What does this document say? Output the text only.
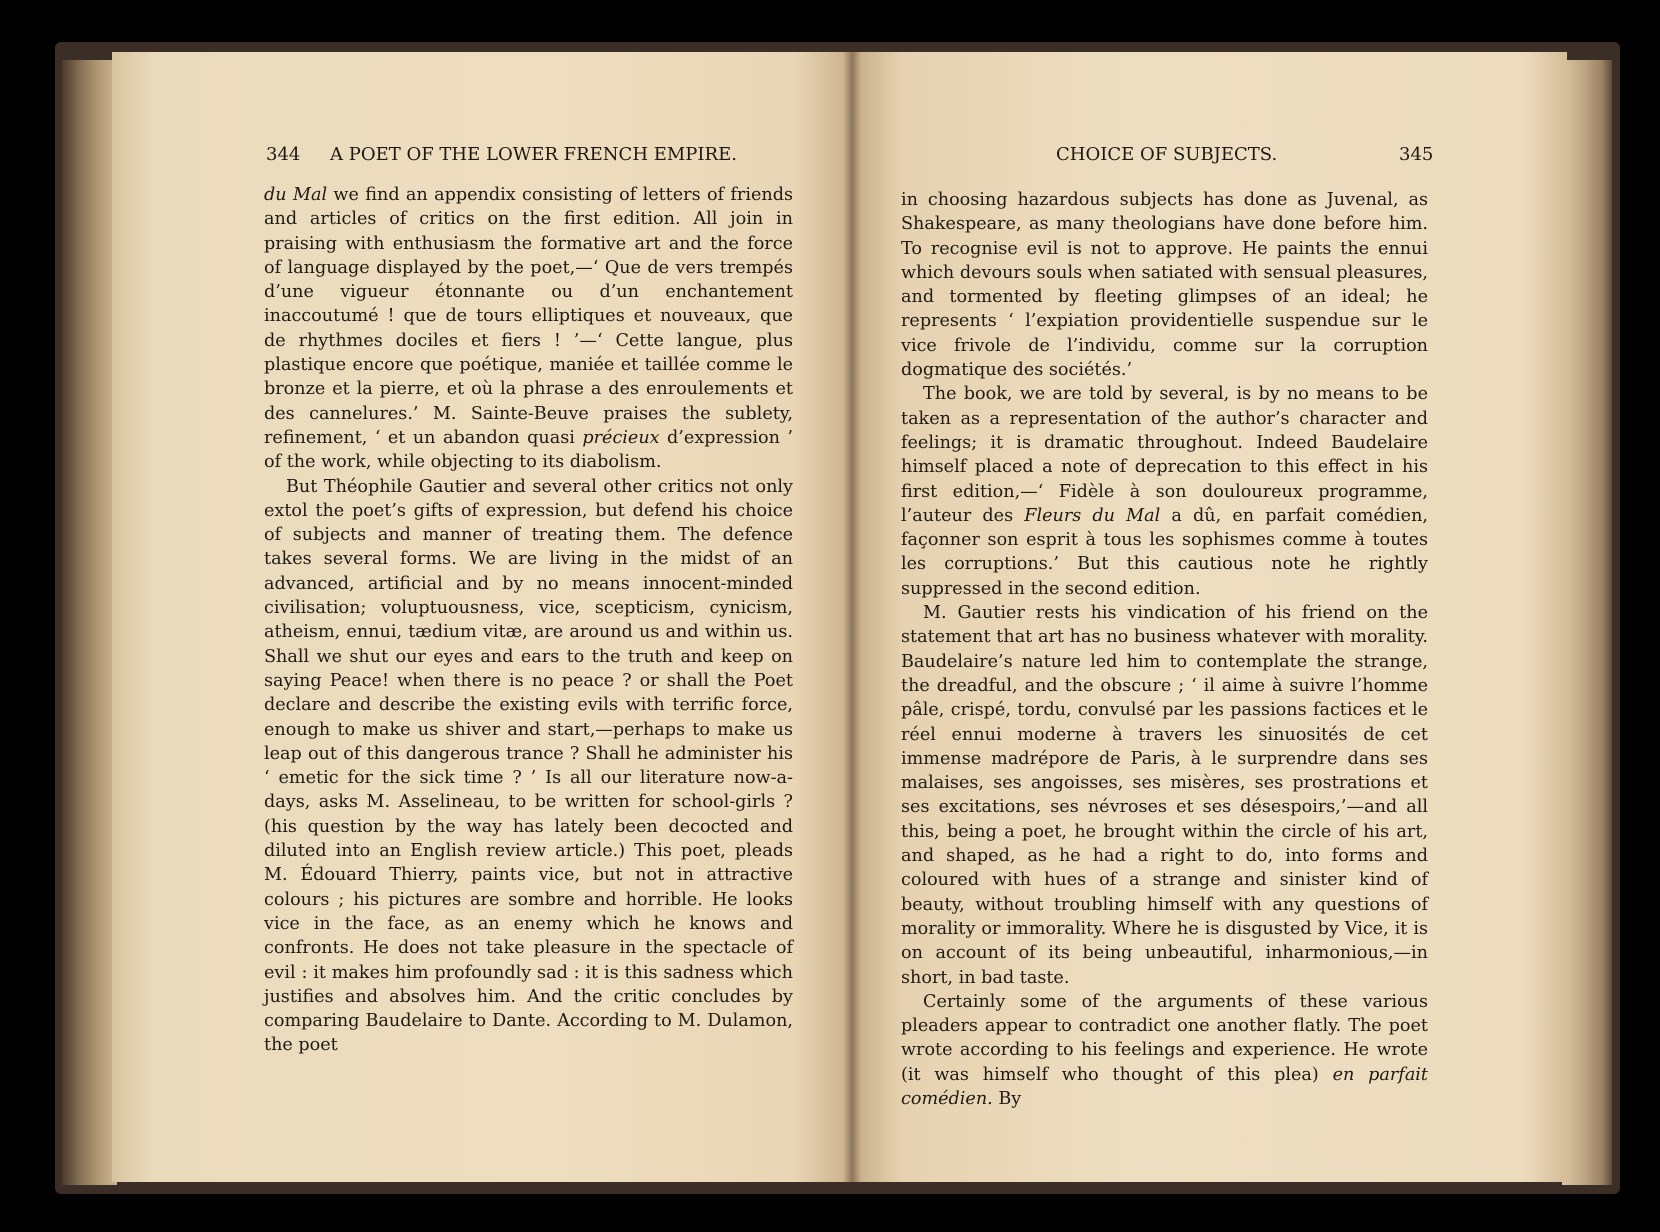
344 A POET OF THE LOWER FRENCH EMPIRE.	CHOICE OF SUBJECTS.	345

du Mal we find an appendix consisting of letters of friends and articles of critics on the first edition. All join in praising with enthusiasm the formative art and the force of language displayed by the poet,—‘ Que de vers trempés d’une vigueur étonnante ou d’un enchantement inaccoutumé ! que de tours elliptiques et nouveaux, que de rhythmes dociles et fiers ! ’—‘ Cette langue, plus plastique encore que poétique, maniée et taillée comme le bronze et la pierre, et où la phrase a des enroulements et des cannelures.’ M. Sainte-Beuve praises the sublety, refinement, ‘ et un abandon quasi précieux d’expression ’ of the work, while objecting to its diabolism.

But Théophile Gautier and several other critics not only extol the poet’s gifts of expression, but defend his choice of subjects and manner of treating them. The defence takes several forms. We are living in the midst of an advanced, artificial and by no means innocent-minded civilisation; voluptuousness, vice, scepticism, cynicism, atheism, ennui, tædium vitæ, are around us and within us. Shall we shut our eyes and ears to the truth and keep on saying Peace! when there is no peace ? or shall the Poet declare and describe the existing evils with terrific force, enough to make us shiver and start,—perhaps to make us leap out of this dangerous trance ? Shall he administer his ‘ emetic for the sick time ? ’ Is all our literature now-a-days, asks M. Asselineau, to be written for school-girls ? (his question by the way has lately been decocted and diluted into an English review article.) This poet, pleads M. Édouard Thierry, paints vice, but not in attractive colours ; his pictures are sombre and horrible. He looks vice in the face, as an enemy which he knows and confronts. He does not take pleasure in the spectacle of evil : it makes him profoundly sad : it is this sadness which justifies and absolves him. And the critic concludes by comparing Baudelaire to Dante. According to M. Dulamon, the poet

in choosing hazardous subjects has done as Juvenal, as Shakespeare, as many theologians have done before him. To recognise evil is not to approve. He paints the ennui which devours souls when satiated with sensual pleasures, and tormented by fleeting glimpses of an ideal; he represents ‘ l’expiation providentielle suspendue sur le vice frivole de l’individu, comme sur la corruption dogmatique des sociétés.’

The book, we are told by several, is by no means to be taken as a representation of the author’s character and feelings; it is dramatic throughout. Indeed Baudelaire himself placed a note of deprecation to this effect in his first edition,—‘ Fidèle à son douloureux programme, l’auteur des Fleurs du Mal a dû, en parfait comédien, façonner son esprit à tous les sophismes comme à toutes les corruptions.’ But this cautious note he rightly suppressed in the second edition.

M. Gautier rests his vindication of his friend on the statement that art has no business whatever with morality. Baudelaire’s nature led him to contemplate the strange, the dreadful, and the obscure ; ‘ il aime à suivre l’homme pâle, crispé, tordu, convulsé par les passions factices et le réel ennui moderne à travers les sinuosités de cet immense madrépore de Paris, à le surprendre dans ses malaises, ses angoisses, ses misères, ses prostrations et ses excitations, ses névroses et ses désespoirs,’—and all this, being a poet, he brought within the circle of his art, and shaped, as he had a right to do, into forms and coloured with hues of a strange and sinister kind of beauty, without troubling himself with any questions of morality or immorality. Where he is disgusted by Vice, it is on account of its being unbeautiful, inharmonious,—in short, in bad taste.

Certainly some of the arguments of these various pleaders appear to contradict one another flatly. The poet wrote according to his feelings and experience. He wrote (it was himself who thought of this plea) en parfait comédien. By
